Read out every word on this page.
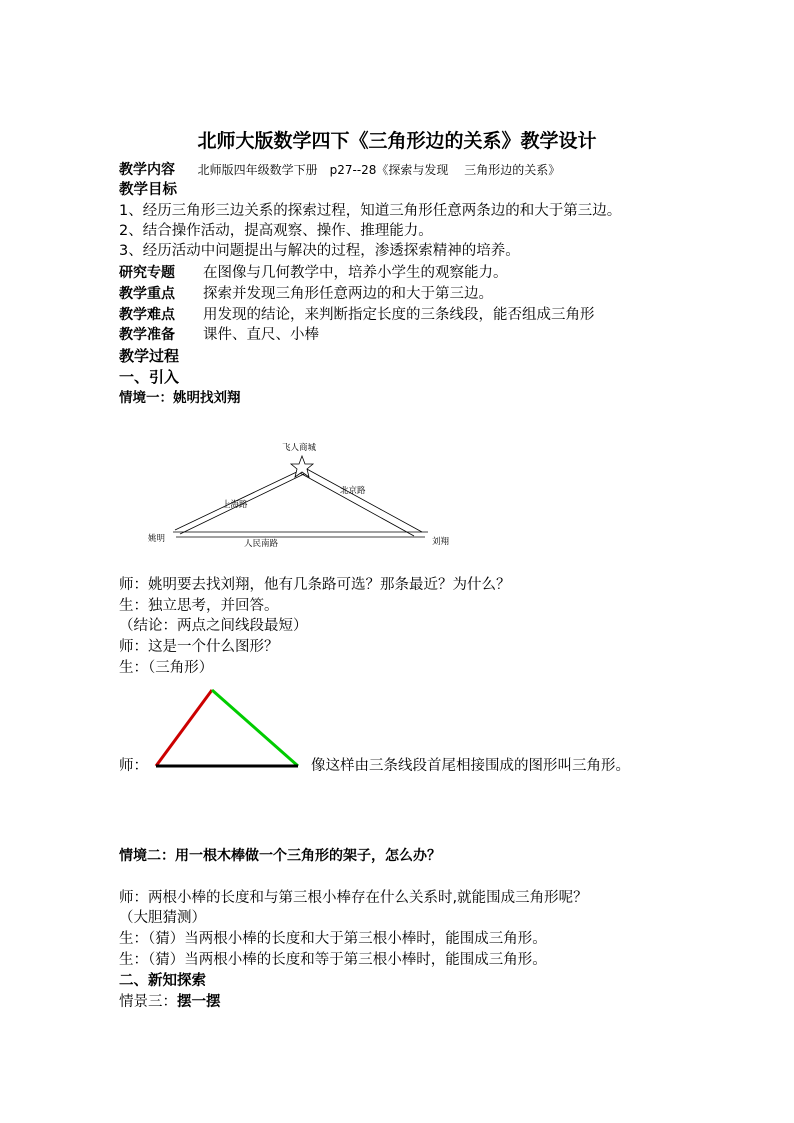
北师大版数学四下《三角形边的关系》教学设计
教学内容 北师版四年级数学下册　p27--28《探索与发现　 三角形边的关系》
教学目标
1、经历三角形三边关系的探索过程，知道三角形任意两条边的和大于第三边。
2、结合操作活动，提高观察、操作、推理能力。
3、经历活动中问题提出与解决的过程，渗透探索精神的培养。
研究专题 在图像与几何教学中，培养小学生的观察能力。
教学重点 探索并发现三角形任意两边的和大于第三边。
教学难点 用发现的结论，来判断指定长度的三条线段，能否组成三角形
教学准备 课件、直尺、小棒
教学过程
一、引入
情境一：姚明找刘翔
飞人商城
上海路
北京路
人民南路
姚明	刘翔
师：姚明要去找刘翔，他有几条路可选？那条最近？为什么？
生：独立思考，并回答。
（结论：两点之间线段最短）
师：这是一个什么图形？
生：（三角形）
师：	像这样由三条线段首尾相接围成的图形叫三角形。
情境二：用一根木棒做一个三角形的架子，怎么办？
师：两根小棒的长度和与第三根小棒存在什么关系时,就能围成三角形呢？
（大胆猜测）
生：（猜）当两根小棒的长度和大于第三根小棒时，能围成三角形。
生：（猜）当两根小棒的长度和等于第三根小棒时，能围成三角形。
二、新知探索
情景三：摆一摆
